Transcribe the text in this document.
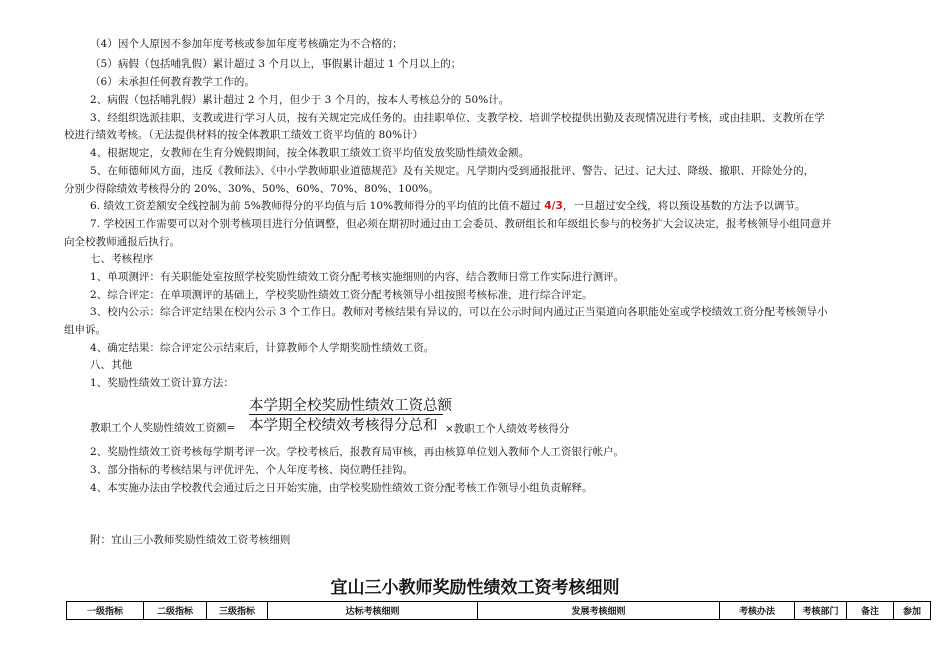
（4）因个人原因不参加年度考核或参加年度考核确定为不合格的；
（5）病假（包括哺乳假）累计超过 3 个月以上，事假累计超过 1 个月以上的；
（6）未承担任何教育教学工作的。
2、病假（包括哺乳假）累计超过 2 个月，但少于 3 个月的，按本人考核总分的 50%计。
3、经组织选派挂职、支教或进行学习人员，按有关规定完成任务的。由挂职单位、支教学校、培训学校提供出勤及表现情况进行考核，或由挂职、支教所在学
校进行绩效考核。（无法提供材料的按全体教职工绩效工资平均值的 80%计）
4、根据规定，女教师在生育分娩假期间，按全体教职工绩效工资平均值发放奖励性绩效金额。
5、在师德师风方面，违反《教师法》、《中小学教师职业道德规范》及有关规定。凡学期内受到通报批评、警告、记过、记大过、降级、撤职、开除处分的，
分别少得除绩效考核得分的 20%、30%、50%、60%、70%、80%、100%。
6. 绩效工资差额安全线控制为前 5%教师得分的平均值与后 10%教师得分的平均值的比值不超过 4/3，一旦超过安全线，将以预设基数的方法予以调节。
7. 学校因工作需要可以对个别考核项目进行分值调整，但必须在期初时通过由工会委员、教研组长和年级组长参与的校务扩大会议决定，报考核领导小组同意并
向全校教师通报后执行。
七、考核程序
1、单项测评：有关职能处室按照学校奖励性绩效工资分配考核实施细则的内容，结合教师日常工作实际进行测评。
2、综合评定：在单项测评的基础上，学校奖励性绩效工资分配考核领导小组按照考核标准，进行综合评定。
3、校内公示：综合评定结果在校内公示 3 个工作日。教师对考核结果有异议的，可以在公示时间内通过正当渠道向各职能处室或学校绩效工资分配考核领导小
组申诉。
4、确定结果：综合评定公示结束后，计算教师个人学期奖励性绩效工资。
八、其他
1、奖励性绩效工资计算方法：
教职工个人奖励性绩效工资额=
本学期全校奖励性绩效工资总额
本学期全校绩效考核得分总和 ×教职工个人绩效考核得分
2、奖励性绩效工资考核每学期考评一次。学校考核后，报教育局审核，再由核算单位划入教师个人工资银行帐户。
3、部分指标的考核结果与评优评先、个人年度考核、岗位聘任挂钩。
4、本实施办法由学校教代会通过后之日开始实施，由学校奖励性绩效工资分配考核工作领导小组负责解释。
附：宜山三小教师奖励性绩效工资考核细则
宜山三小教师奖励性绩效工资考核细则
一级指标	二级指标	三级指标	达标考核细则	发展考核细则	考核办法	考核部门	备注	参加
